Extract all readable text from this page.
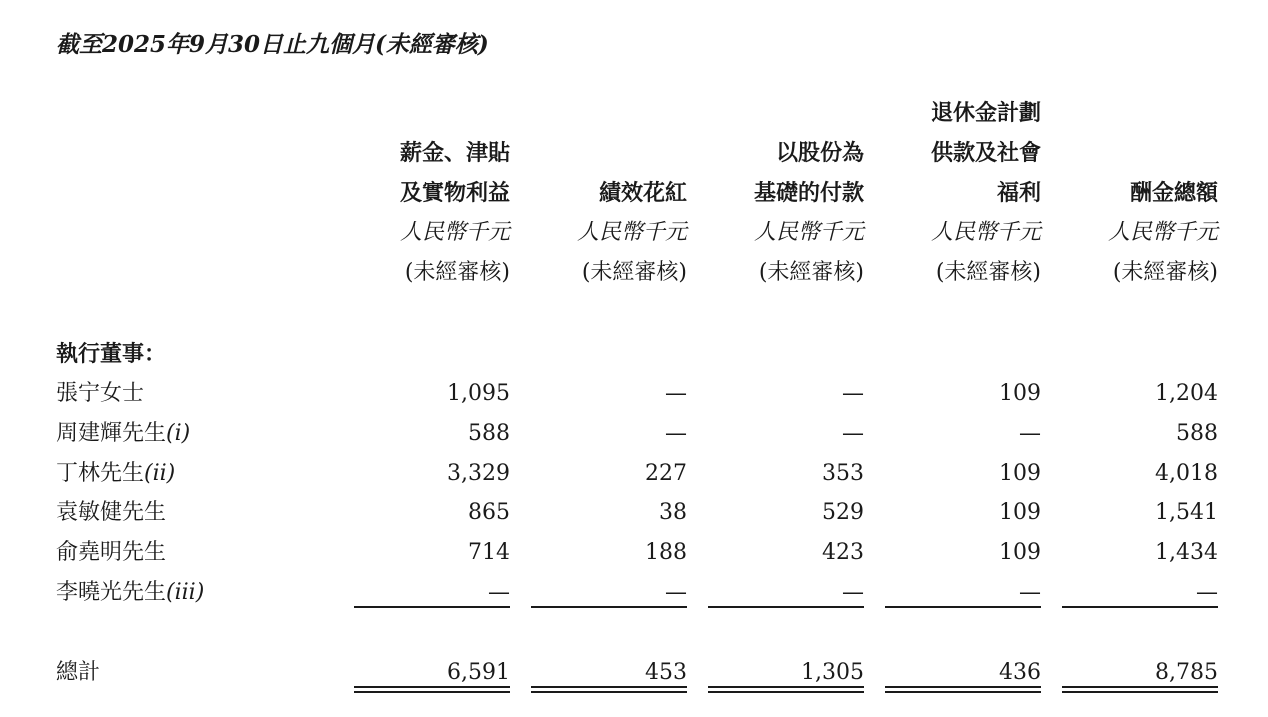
截至2025年9月30日止九個月(未經審核)
薪金、津貼
及實物利益
人民幣千元
(未經審核)
績效花紅
人民幣千元
(未經審核)
以股份為
基礎的付款
人民幣千元
(未經審核)
退休金計劃
供款及社會
福利
人民幣千元
(未經審核)
酬金總額
人民幣千元
(未經審核)
執行董事：
張宁女士	1,095	—	—	109	1,204
周建輝先生(i)	588	—	—	—	588
丁林先生(ii)	3,329	227	353	109	4,018
袁敏健先生	865	38	529	109	1,541
俞堯明先生	714	188	423	109	1,434
李曉光先生(iii)	—	—	—	—	—
總計	6,591	453	1,305	436	8,785
